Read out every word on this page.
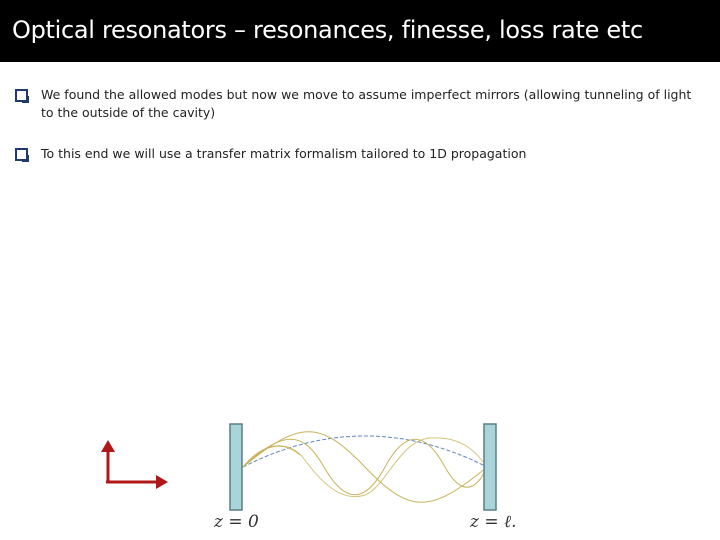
Optical resonators – resonances, finesse, loss rate etc
We found the allowed modes but now we move to assume imperfect mirrors (allowing tunneling of light to the outside of the cavity)
To this end we will use a transfer matrix formalism tailored to 1D propagation
z = 0	z = ℓ.
